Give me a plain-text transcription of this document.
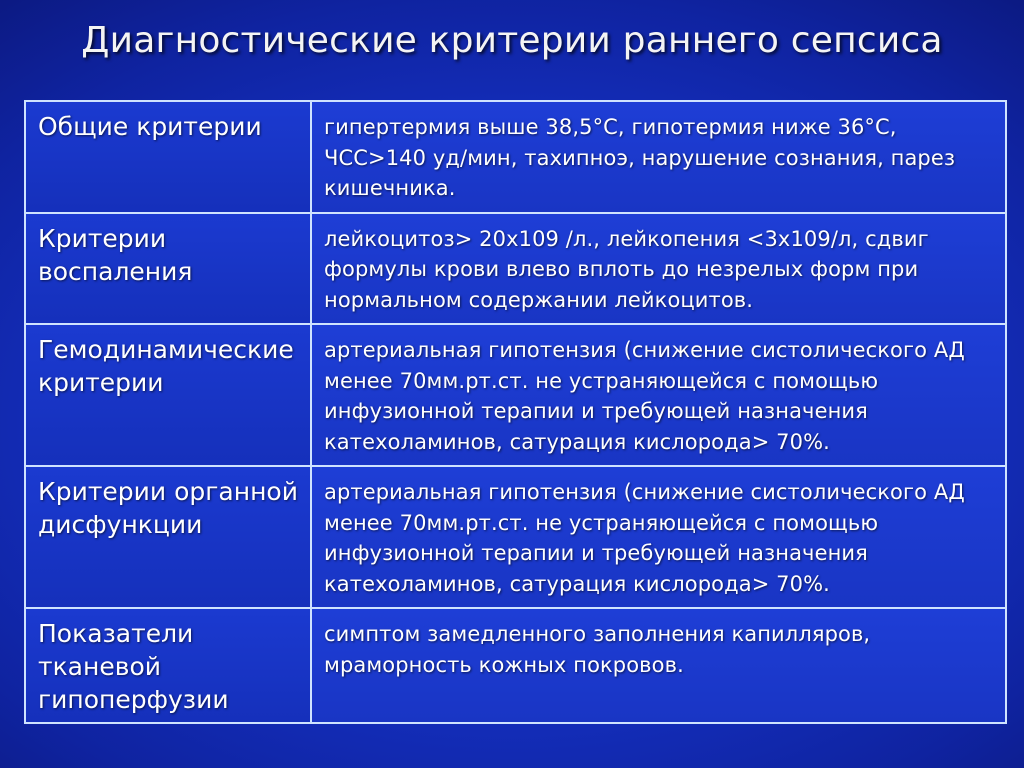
Диагностические критерии раннего сепсиса
Общие критерии	гипертермия выше 38,5°С, гипотермия ниже 36°С, ЧСС>140 уд/мин, тахипноэ, нарушение сознания, парез кишечника.
Критерии воспаления	лейкоцитоз> 20х109 /л., лейкопения <3х109/л, сдвиг формулы крови влево вплоть до незрелых форм при нормальном содержании лейкоцитов.
Гемодинамические критерии	артериальная гипотензия (снижение систолического АД менее 70мм.рт.ст. не устраняющейся с помощью инфузионной терапии и требующей назначения катехоламинов, сатурация кислорода> 70%.
Критерии органной дисфункции	артериальная гипотензия (снижение систолического АД менее 70мм.рт.ст. не устраняющейся с помощью инфузионной терапии и требующей назначения катехоламинов, сатурация кислорода> 70%.
Показатели тканевой гипоперфузии	симптом замедленного заполнения капилляров, мраморность кожных покровов.
